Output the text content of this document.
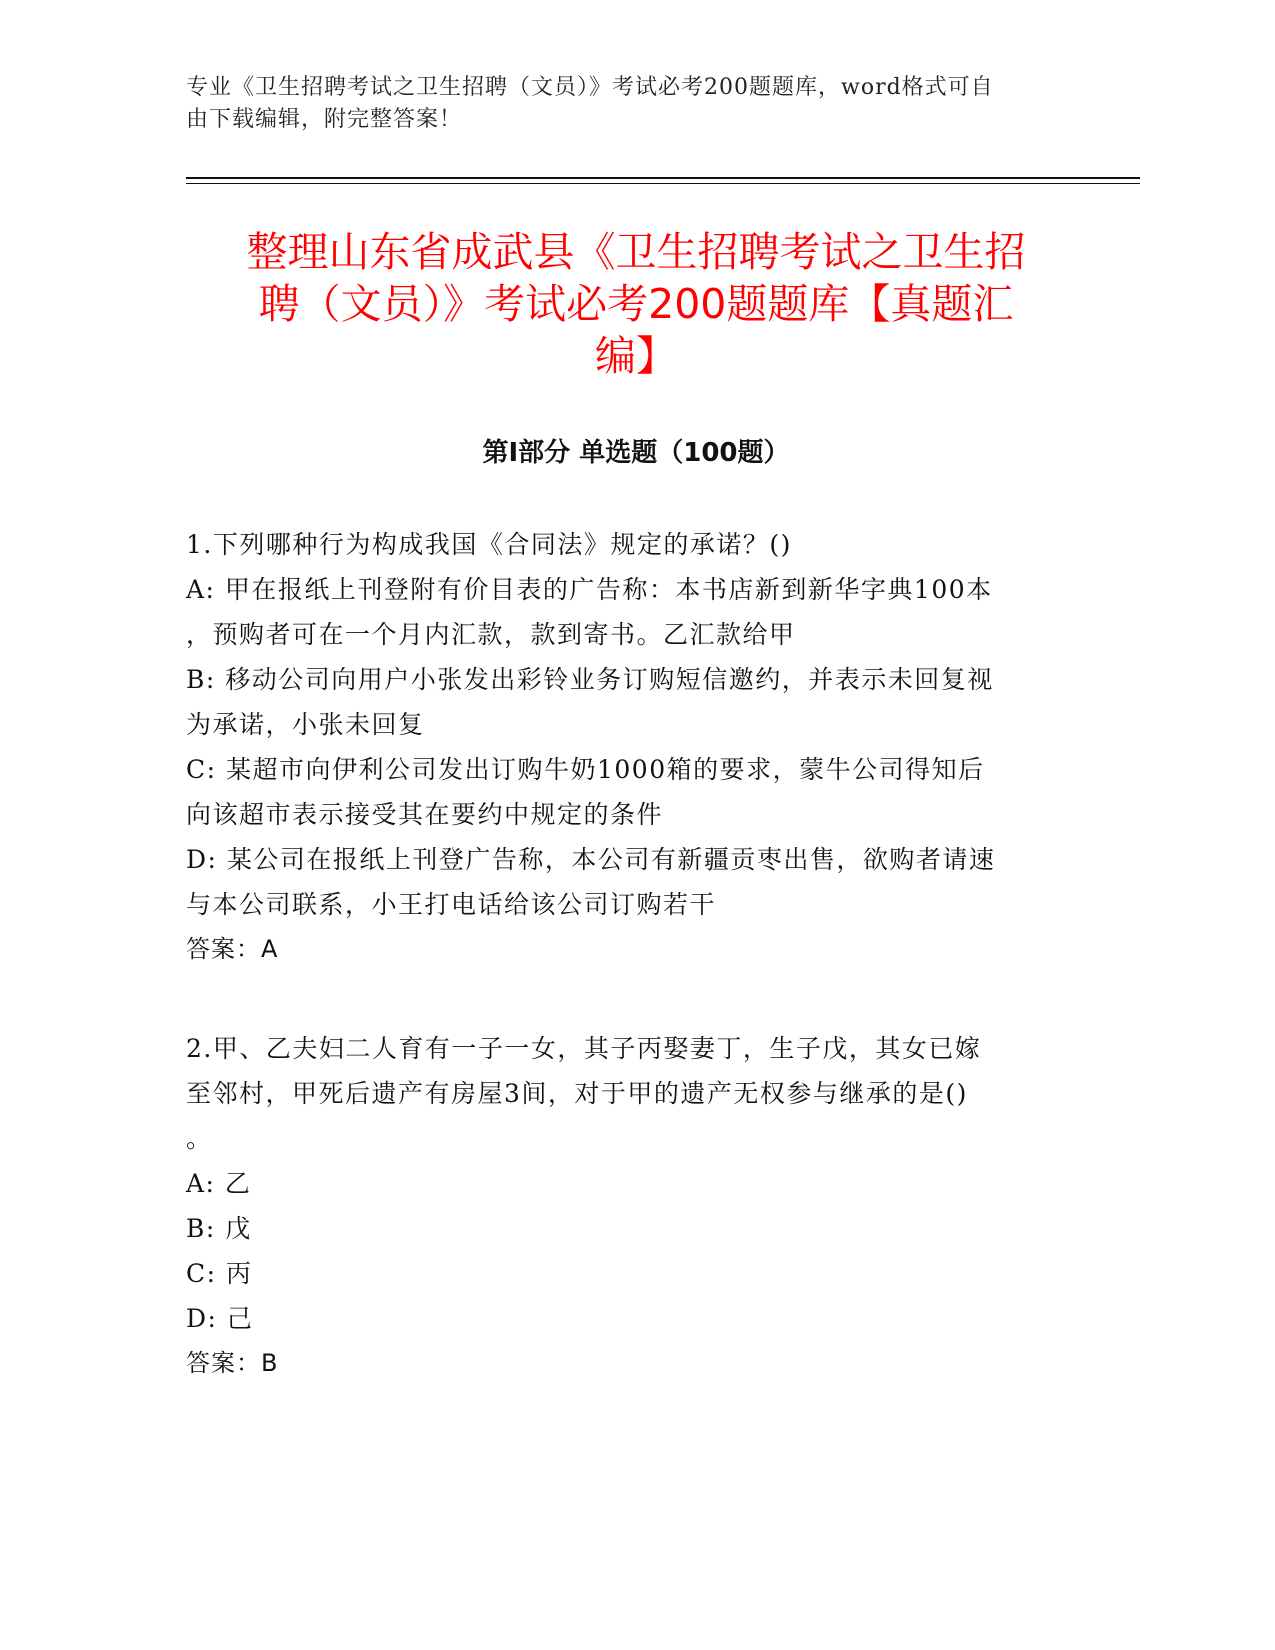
专业《卫生招聘考试之卫生招聘（文员）》考试必考200题题库，word格式可自
由下载编辑，附完整答案！
整理山东省成武县《卫生招聘考试之卫生招
聘（文员）》考试必考200题题库【真题汇
编】
第Ⅰ部分 单选题（100题）
1.下列哪种行为构成我国《合同法》规定的承诺？()
A: 甲在报纸上刊登附有价目表的广告称：本书店新到新华字典100本
，预购者可在一个月内汇款，款到寄书。乙汇款给甲
B: 移动公司向用户小张发出彩铃业务订购短信邀约，并表示未回复视
为承诺，小张未回复
C: 某超市向伊利公司发出订购牛奶1000箱的要求，蒙牛公司得知后
向该超市表示接受其在要约中规定的条件
D: 某公司在报纸上刊登广告称，本公司有新疆贡枣出售，欲购者请速
与本公司联系，小王打电话给该公司订购若干
答案：A
2.甲、乙夫妇二人育有一子一女，其子丙娶妻丁，生子戊，其女已嫁
至邻村，甲死后遗产有房屋3间，对于甲的遗产无权参与继承的是()
。
A: 乙
B: 戊
C: 丙
D: 己
答案：B
